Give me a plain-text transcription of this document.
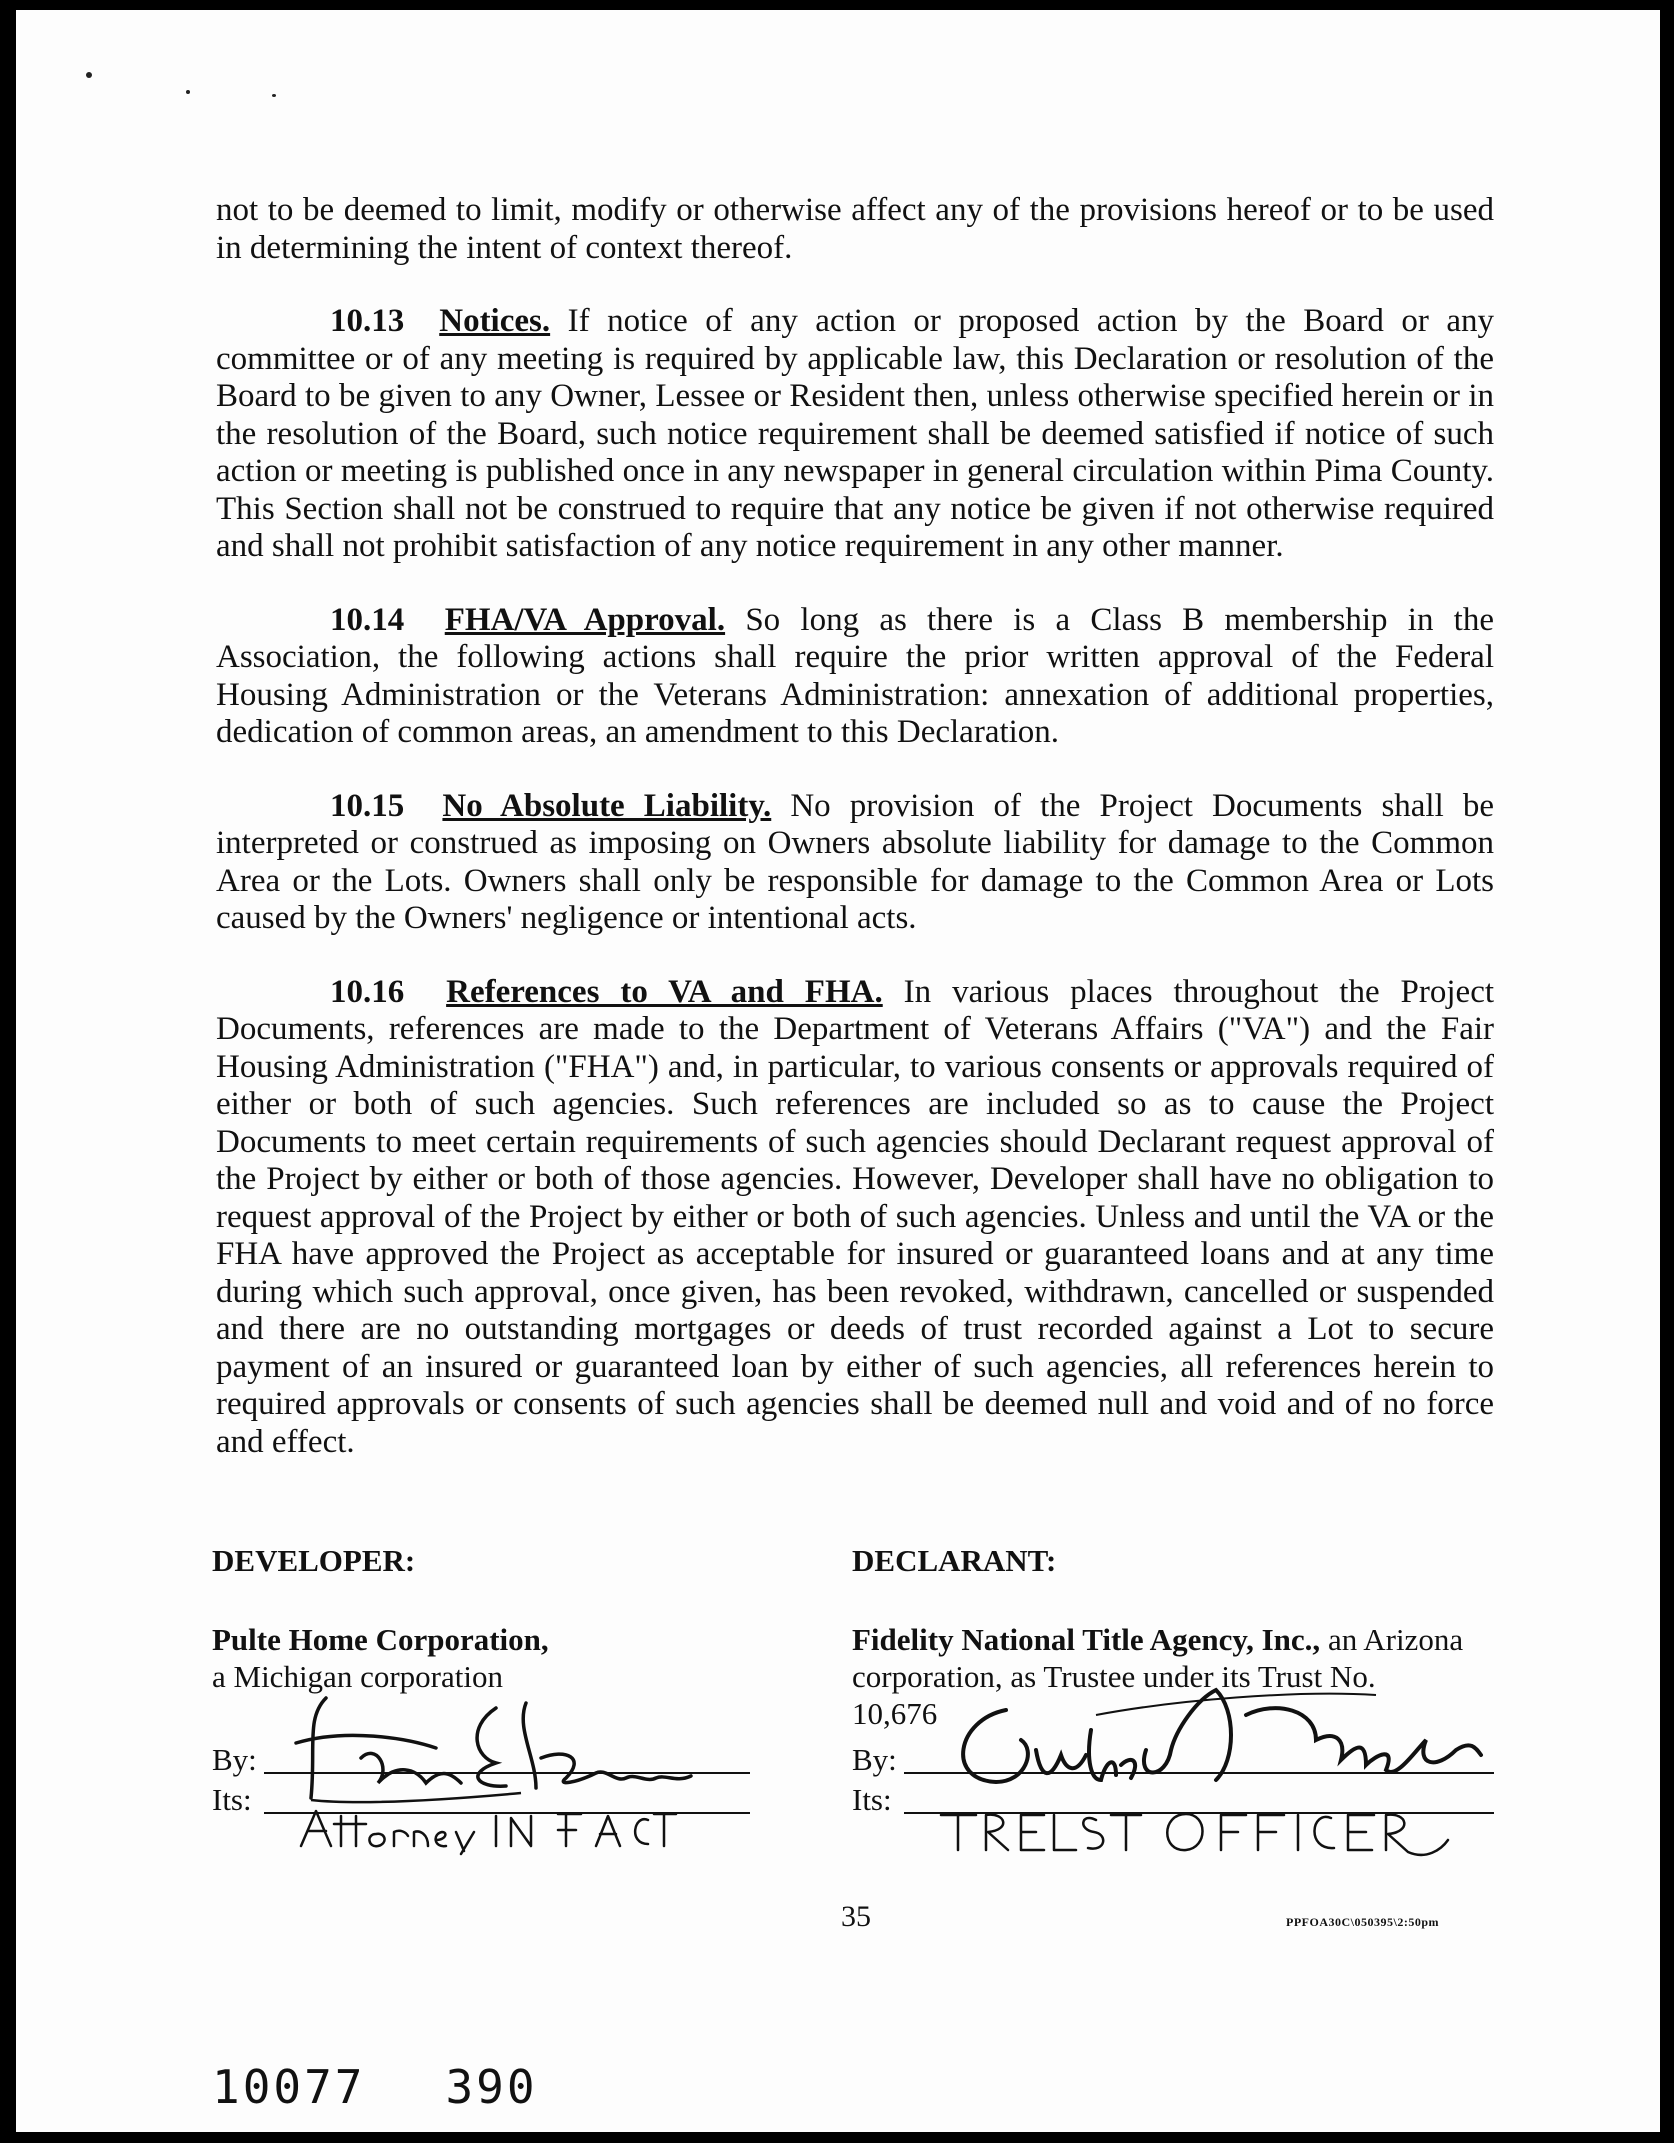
not to be deemed to limit, modify or otherwise affect any of the provisions hereof or to be used in determining the intent of context thereof.

10.13 Notices. If notice of any action or proposed action by the Board or any committee or of any meeting is required by applicable law, this Declaration or resolution of the Board to be given to any Owner, Lessee or Resident then, unless otherwise specified herein or in the resolution of the Board, such notice requirement shall be deemed satisfied if notice of such action or meeting is published once in any newspaper in general circulation within Pima County. This Section shall not be construed to require that any notice be given if not otherwise required and shall not prohibit satisfaction of any notice requirement in any other manner.

10.14 FHA/VA Approval. So long as there is a Class B membership in the Association, the following actions shall require the prior written approval of the Federal Housing Administration or the Veterans Administration: annexation of additional properties, dedication of common areas, an amendment to this Declaration.

10.15 No Absolute Liability. No provision of the Project Documents shall be interpreted or construed as imposing on Owners absolute liability for damage to the Common Area or the Lots. Owners shall only be responsible for damage to the Common Area or Lots caused by the Owners' negligence or intentional acts.

10.16 References to VA and FHA. In various places throughout the Project Documents, references are made to the Department of Veterans Affairs ("VA") and the Fair Housing Administration ("FHA") and, in particular, to various consents or approvals required of either or both of such agencies. Such references are included so as to cause the Project Documents to meet certain requirements of such agencies should Declarant request approval of the Project by either or both of those agencies. However, Developer shall have no obligation to request approval of the Project by either or both of such agencies. Unless and until the VA or the FHA have approved the Project as acceptable for insured or guaranteed loans and at any time during which such approval, once given, has been revoked, withdrawn, cancelled or suspended and there are no outstanding mortgages or deeds of trust recorded against a Lot to secure payment of an insured or guaranteed loan by either of such agencies, all references herein to required approvals or consents of such agencies shall be deemed null and void and of no force and effect.

DEVELOPER:
Pulte Home Corporation,
a Michigan corporation
By:
Its:
DECLARANT:
Fidelity National Title Agency, Inc., an Arizona
corporation, as Trustee under its Trust No.
10,676
By:
Its:
35	PPFOA30C\050395\2:50pm
10077 390
